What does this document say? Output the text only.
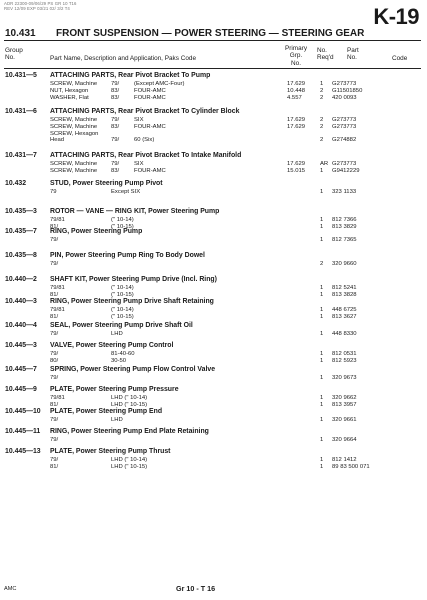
ADR 22300-09/06/29 PS GR 10 T16
REV 12/09 EXP 03/21 02/ 3/2 T4	K-19
10.431 FRONT SUSPENSION — POWER STEERING — STEERING GEAR
Group
No.	Part Name, Description and Application, Paks Code
Primary
Grp.
No.
No.
Req'd
Part
No.	Code
10.431—5 ATTACHING PARTS, Rear Pivot Bracket To Pump
SCREW, Machine 79/	(Except AMC-Four)	17.629	1 G273773
NUT, Hexagon	83/	FOUR-AMC	10.448	2 G11501850
WASHER, Flat	83/	FOUR-AMC	4.557	2 420 0093
10.431—6 ATTACHING PARTS, Rear Pivot Bracket To Cylinder Block
SCREW, Machine 79/	SIX	17.629	2 G273773
SCREW, Machine 83/	FOUR-AMC	17.629	2 G273773
SCREW, Hexagon
Head	79/	60 (Six)	2 G274882
10.431—7 ATTACHING PARTS, Rear Pivot Bracket To Intake Manifold
SCREW, Machine 79/	SIX	17.629	AR G273773
SCREW, Machine 83/	FOUR-AMC	15.015	1 G9412229
10.432	STUD, Power Steering Pump Pivot
79	Except SIX	1 323 1133
10.435—3 ROTOR — VANE — RING KIT, Power Steering Pump
79/81	(" 10-14)	1 812 7366
81/	(" 10-15)	1 813 3829
10.435—7 RING, Power Steering Pump
79/	1 812 7365
10.435—8 PIN, Power Steering Pump Ring To Body Dowel
79/	2 320 9660
10.440—2 SHAFT KIT, Power Steering Pump Drive (Incl. Ring)
79/81	(" 10-14)	1 812 5241
81/	(" 10-15)	1 813 3828
10.440—3 RING, Power Steering Pump Drive Shaft Retaining
79/81	(" 10-14)	1 448 6725
81/	(" 10-15)	1 813 3627
10.440—4 SEAL, Power Steering Pump Drive Shaft Oil
79/	LHD	1 448 8330
10.445—3 VALVE, Power Steering Pump Control
79/	81-40-60	1 812 0531
80/	30-50	1 812 5923
10.445—7 SPRING, Power Steering Pump Flow Control Valve
79/	1 320 9673
10.445—9 PLATE, Power Steering Pump Pressure
79/81	LHD (" 10-14)	1 320 9662
81/	LHD (" 10-15)	1 813 3957
10.445—10 PLATE, Power Steering Pump End
79/	LHD	1 320 9661
10.445—11 RING, Power Steering Pump End Plate Retaining
79/	1 320 9664
10.445—13 PLATE, Power Steering Pump Thrust
79/	LHD (" 10-14)	1 812 1412
81/	LHD (" 10-15)	1 89 83 500 071
AMC	Gr 10 - T 16
